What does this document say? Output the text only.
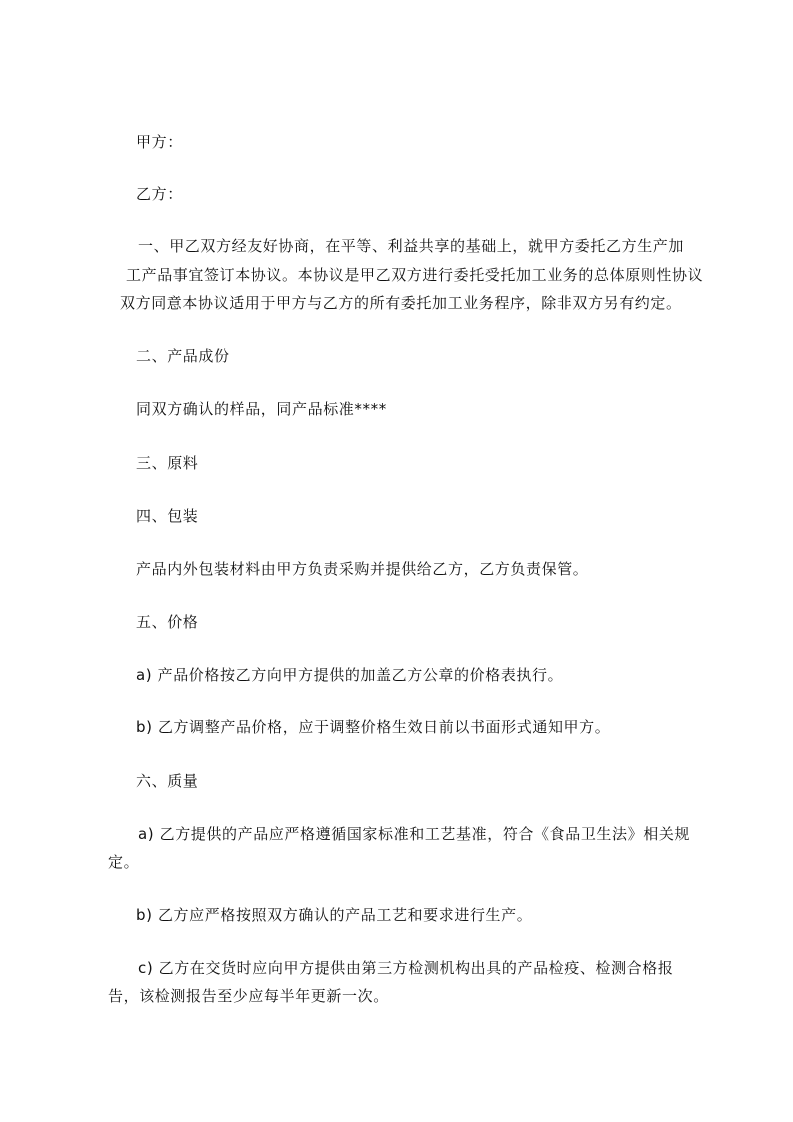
甲方：
乙方：
一、甲乙双方经友好协商，在平等、利益共享的基础上，就甲方委托乙方生产加
工产品事宜签订本协议。本协议是甲乙双方进行委托受托加工业务的总体原则性协议
双方同意本协议适用于甲方与乙方的所有委托加工业务程序，除非双方另有约定。
二、产品成份
同双方确认的样品，同产品标准****
三、原料
四、包装
产品内外包装材料由甲方负责采购并提供给乙方，乙方负责保管。
五、价格
a) 产品价格按乙方向甲方提供的加盖乙方公章的价格表执行。
b) 乙方调整产品价格，应于调整价格生效日前以书面形式通知甲方。
六、质量
a) 乙方提供的产品应严格遵循国家标准和工艺基准，符合《食品卫生法》相关规
定。
b) 乙方应严格按照双方确认的产品工艺和要求进行生产。
c) 乙方在交货时应向甲方提供由第三方检测机构出具的产品检疫、检测合格报
告，该检测报告至少应每半年更新一次。
